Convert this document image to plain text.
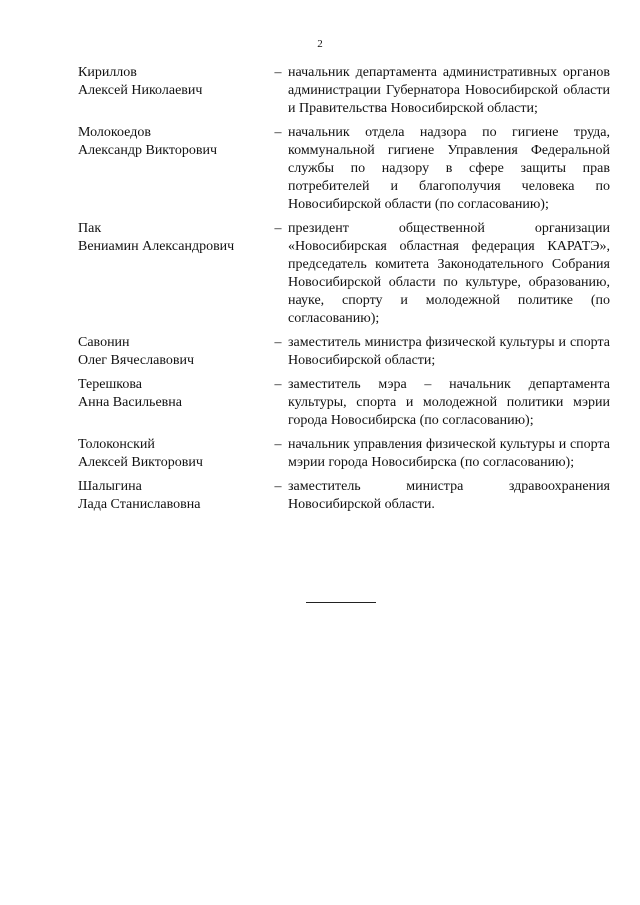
2
Кириллов
Алексей Николаевич
– начальник департамента административных органов администрации Губернатора Новосибирской области и Правительства Новосибирской области;
Молокоедов
Александр Викторович
– начальник отдела надзора по гигиене труда, коммунальной гигиене Управления Федеральной службы по надзору в сфере защиты прав потребителей и благополучия человека по Новосибирской области (по согласованию);
Пак
Вениамин Александрович
– президент общественной организации «Новосибирская областная федерация КАРАТЭ», председатель комитета Законодательного Собрания Новосибирской области по культуре, образованию, науке, спорту и молодежной политике (по согласованию);
Савонин
Олег Вячеславович
– заместитель министра физической культуры и спорта Новосибирской области;
Терешкова
Анна Васильевна
– заместитель мэра – начальник департамента культуры, спорта и молодежной политики мэрии города Новосибирска (по согласованию);
Толоконский
Алексей Викторович
– начальник управления физической культуры и спорта мэрии города Новосибирска (по согласованию);
Шалыгина
Лада Станиславовна
– заместитель министра здравоохранения Новосибирской области.
